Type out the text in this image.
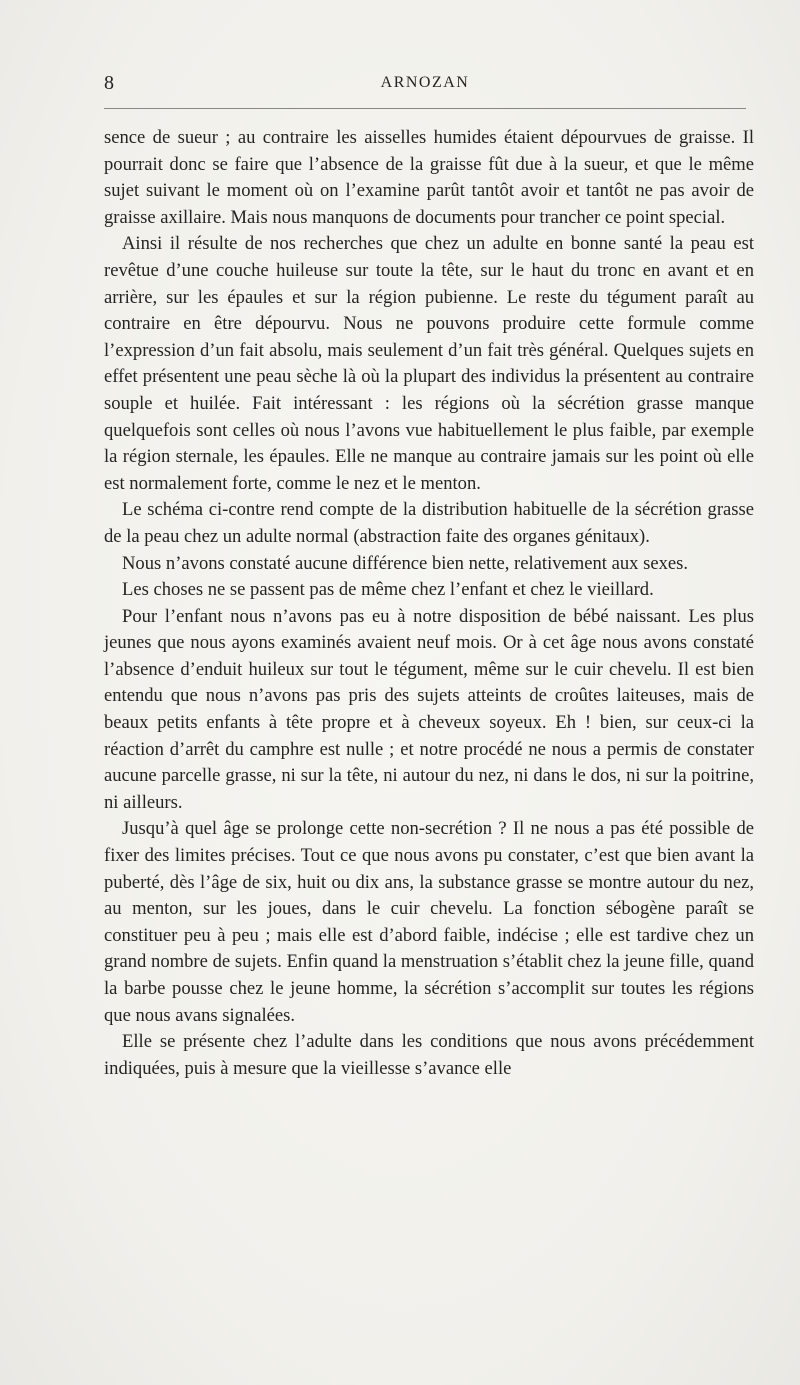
8	ARNOZAN

sence de sueur ; au contraire les aisselles humides étaient dépourvues de graisse. Il pourrait donc se faire que l’absence de la graisse fût due à la sueur, et que le même sujet suivant le moment où on l’examine parût tantôt avoir et tantôt ne pas avoir de graisse axillaire. Mais nous manquons de documents pour trancher ce point special.

Ainsi il résulte de nos recherches que chez un adulte en bonne santé la peau est revêtue d’une couche huileuse sur toute la tête, sur le haut du tronc en avant et en arrière, sur les épaules et sur la région pubienne. Le reste du tégument paraît au contraire en être dépourvu. Nous ne pouvons produire cette formule comme l’expression d’un fait absolu, mais seulement d’un fait très général. Quelques sujets en effet présentent une peau sèche là où la plupart des individus la présentent au contraire souple et huilée. Fait intéressant : les régions où la sécrétion grasse manque quelquefois sont celles où nous l’avons vue habituellement le plus faible, par exemple la région sternale, les épaules. Elle ne manque au contraire jamais sur les point où elle est normalement forte, comme le nez et le menton.

Le schéma ci-contre rend compte de la distribution habituelle de la sécrétion grasse de la peau chez un adulte normal (abstraction faite des organes génitaux).

Nous n’avons constaté aucune différence bien nette, relativement aux sexes.

Les choses ne se passent pas de même chez l’enfant et chez le vieillard.

Pour l’enfant nous n’avons pas eu à notre disposition de bébé naissant. Les plus jeunes que nous ayons examinés avaient neuf mois. Or à cet âge nous avons constaté l’absence d’enduit huileux sur tout le tégument, même sur le cuir chevelu. Il est bien entendu que nous n’avons pas pris des sujets atteints de croûtes laiteuses, mais de beaux petits enfants à tête propre et à cheveux soyeux. Eh ! bien, sur ceux-ci la réaction d’arrêt du camphre est nulle ; et notre procédé ne nous a permis de constater aucune parcelle grasse, ni sur la tête, ni autour du nez, ni dans le dos, ni sur la poitrine, ni ailleurs.

Jusqu’à quel âge se prolonge cette non-secrétion ? Il ne nous a pas été possible de fixer des limites précises. Tout ce que nous avons pu constater, c’est que bien avant la puberté, dès l’âge de six, huit ou dix ans, la substance grasse se montre autour du nez, au menton, sur les joues, dans le cuir chevelu. La fonction sébogène paraît se constituer peu à peu ; mais elle est d’abord faible, indécise ; elle est tardive chez un grand nombre de sujets. Enfin quand la menstruation s’établit chez la jeune fille, quand la barbe pousse chez le jeune homme, la sécrétion s’accomplit sur toutes les régions que nous avans signalées.

Elle se présente chez l’adulte dans les conditions que nous avons précédemment indiquées, puis à mesure que la vieillesse s’avance elle
